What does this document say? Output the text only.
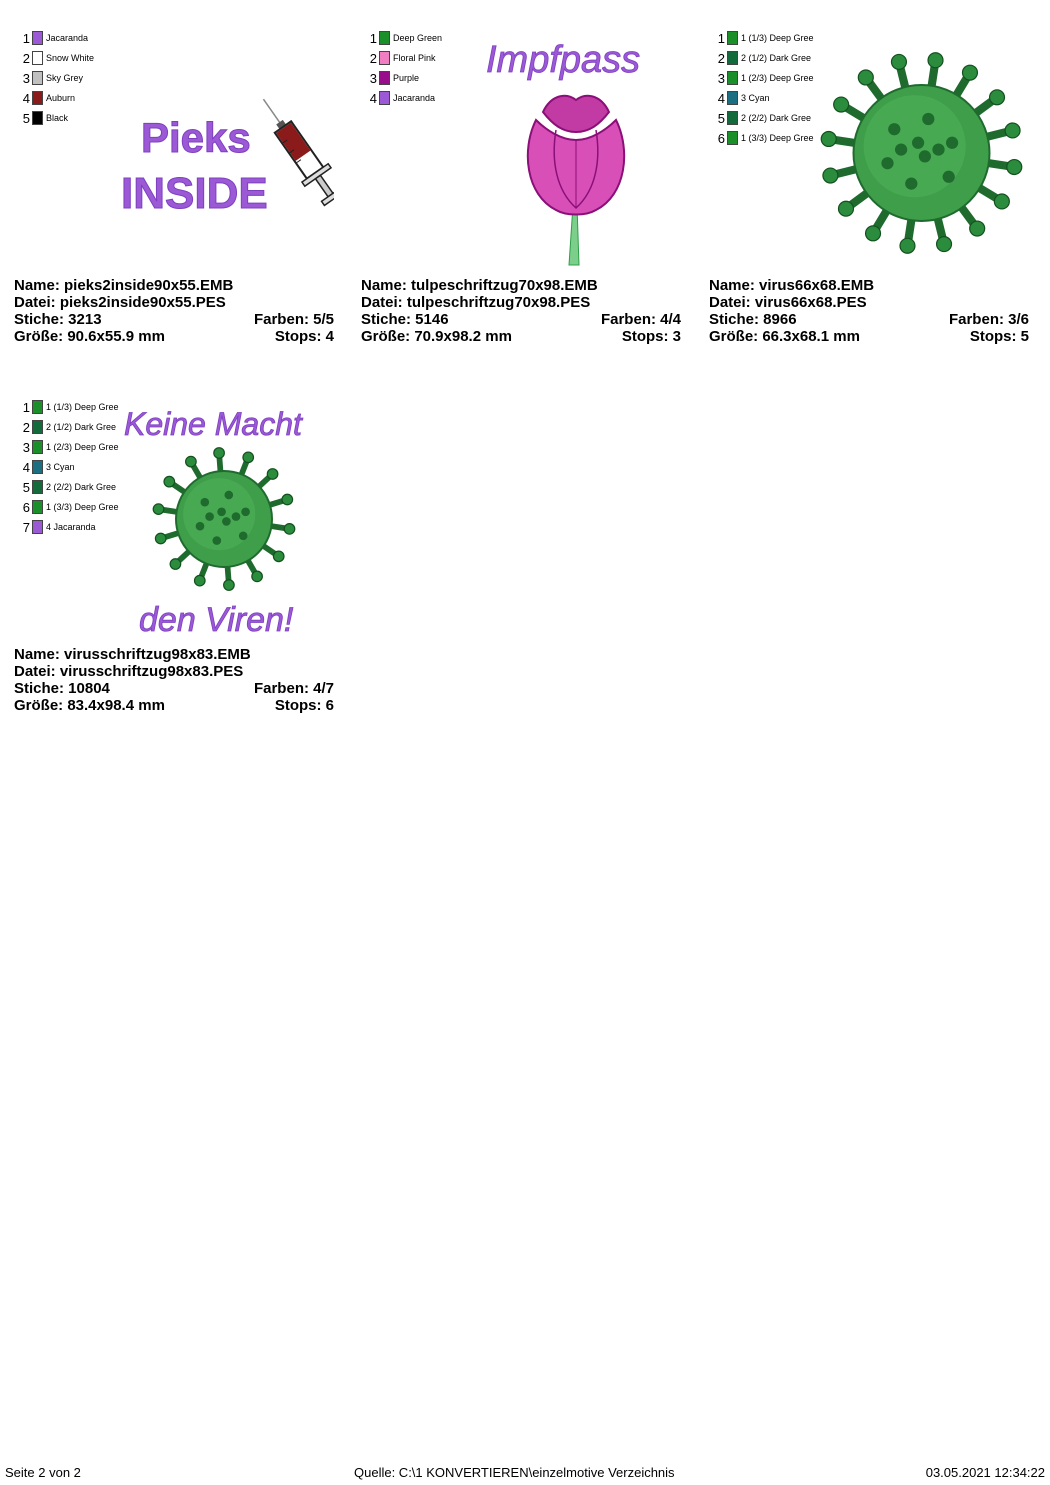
1 Jacaranda
2 Snow White
3 Sky Grey
4 Auburn
5 Black Pieks
INSIDE
Name: pieks2inside90x55.EMB
Datei: pieks2inside90x55.PES
Stiche: 3213	Farben: 5/5
Größe: 90.6x55.9 mm	Stops: 4
1 Deep Green
2 Floral Pink
3 Purple
4 Jacaranda
Impfpass
Name: tulpeschriftzug70x98.EMB
Datei: tulpeschriftzug70x98.PES
Stiche: 5146	Farben: 4/4
Größe: 70.9x98.2 mm	Stops: 3
1 1 (1/3) Deep Gree
2 2 (1/2) Dark Gree
3 1 (2/3) Deep Gree
4 3 Cyan
5 2 (2/2) Dark Gree
6 1 (3/3) Deep Gree
Name: virus66x68.EMB
Datei: virus66x68.PES
Stiche: 8966	Farben: 3/6
Größe: 66.3x68.1 mm	Stops: 5
1 1 (1/3) Deep Gree
2 2 (1/2) Dark Gree
3 1 (2/3) Deep Gree
4 3 Cyan
5 2 (2/2) Dark Gree
6 1 (3/3) Deep Gree
7 4 Jacaranda
Keine Macht
den Viren!
Name: virusschriftzug98x83.EMB
Datei: virusschriftzug98x83.PES
Stiche: 10804	Farben: 4/7
Größe: 83.4x98.4 mm	Stops: 6
Seite 2 von 2	Quelle: C:\1 KONVERTIEREN\einzelmotive Verzeichnis	03.05.2021 12:34:22
